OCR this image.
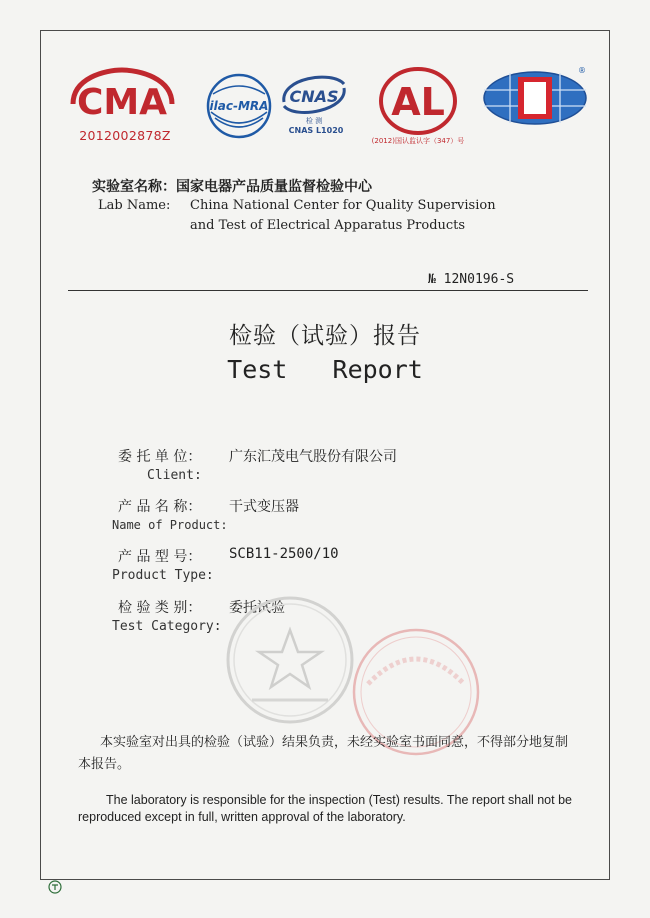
CMA
2012002878Z
ilac-MRA CNAS
检 测
CNAS L1020
AL
(2012)国认监认字（347）号
®
实验室名称：国家电器产品质量监督检验中心
Lab Name: China National Center for Quality Supervision
and Test of Electrical Apparatus Products
№ 12N0196-S
检验（试验）报告
Test   Report
委 托 单 位： 广东汇茂电气股份有限公司
Client:
产 品 名 称： 干式变压器
Name of Product:
产 品 型 号： SCB11-2500/10
Product Type:
检 验 类 别： 委托试验
Test Category:
本实验室对出具的检验（试验）结果负责，未经实验室书面同意，不得部分地复制本报告。
The laboratory is responsible for the inspection (Test) results. The report shall not be reproduced except in full, written approval of the laboratory.
